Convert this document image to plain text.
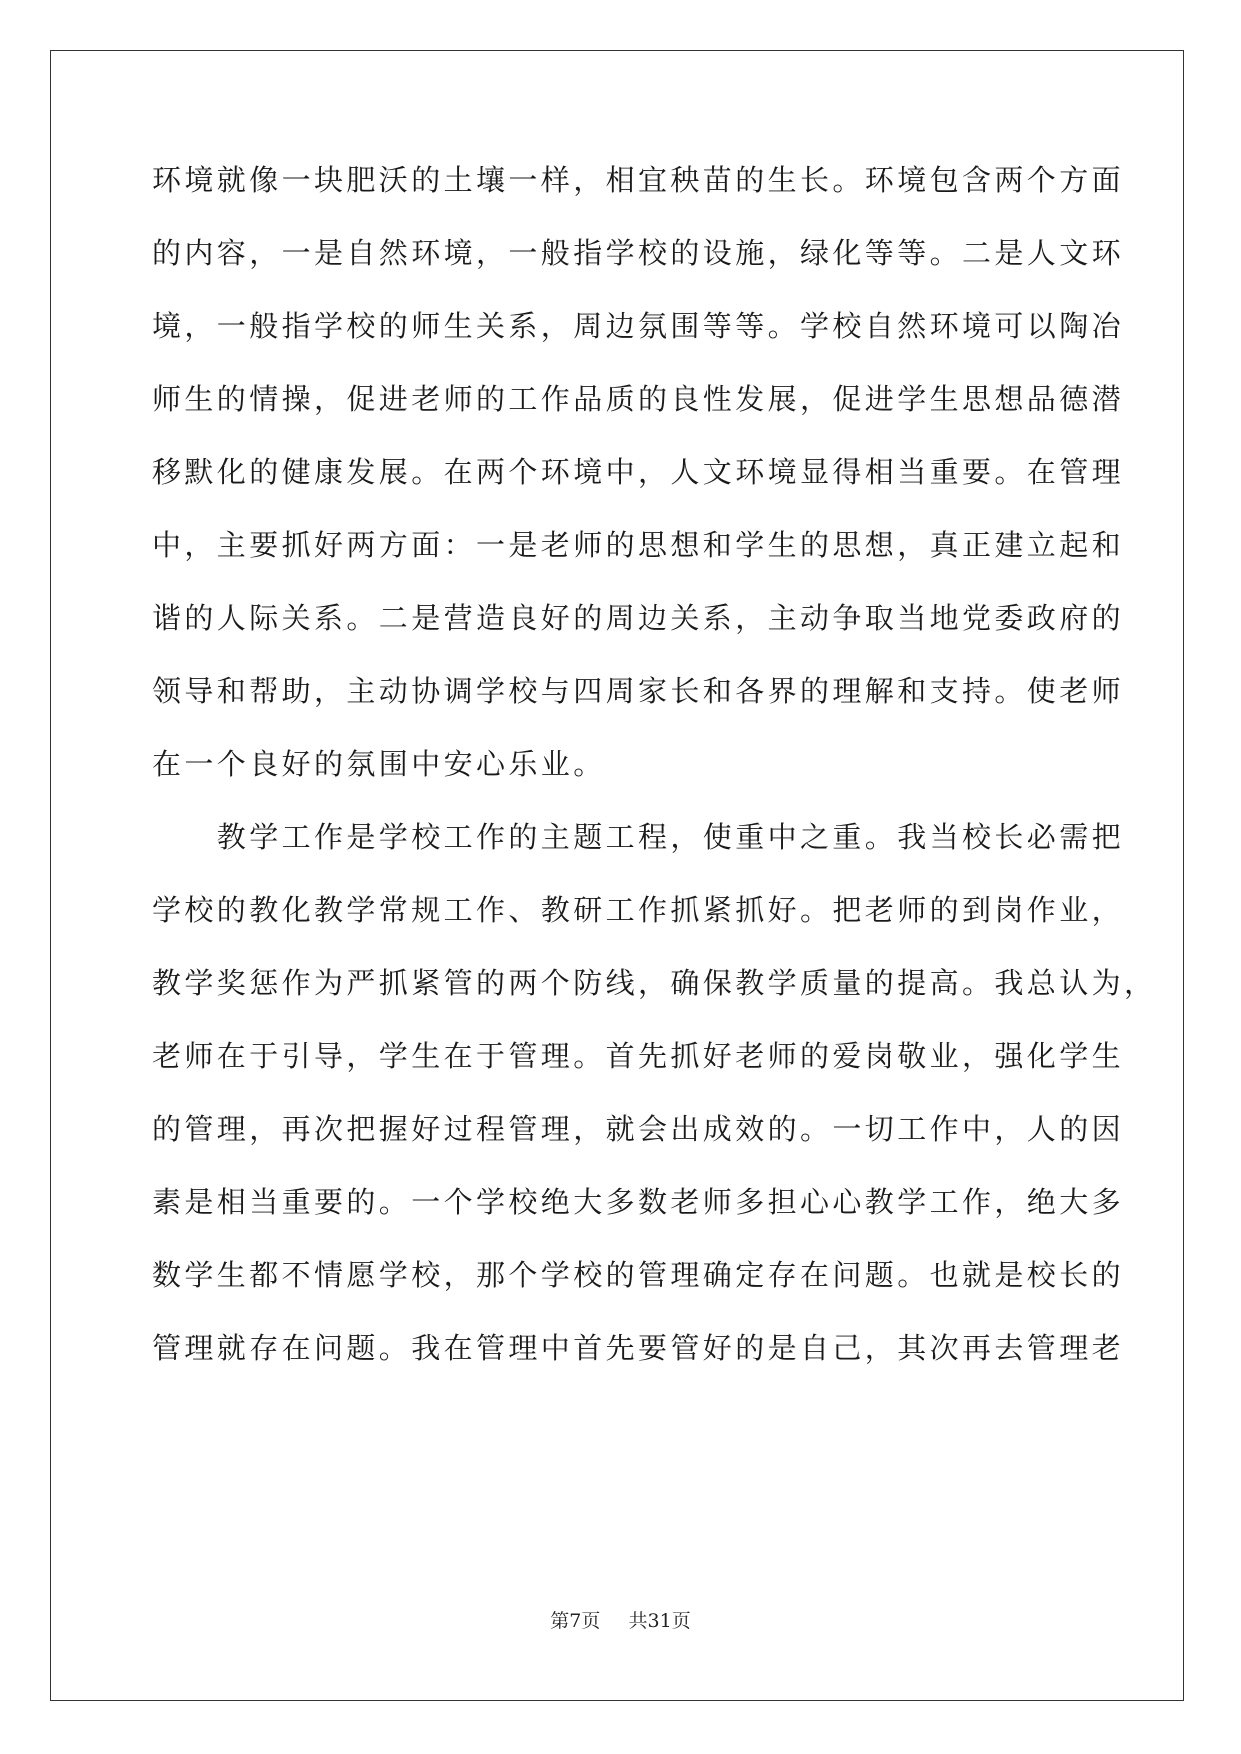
环境就像一块肥沃的土壤一样，相宜秧苗的生长。环境包含两个方面
的内容，一是自然环境，一般指学校的设施，绿化等等。二是人文环
境，一般指学校的师生关系，周边氛围等等。学校自然环境可以陶冶
师生的情操，促进老师的工作品质的良性发展，促进学生思想品德潜
移默化的健康发展。在两个环境中，人文环境显得相当重要。在管理
中，主要抓好两方面：一是老师的思想和学生的思想，真正建立起和
谐的人际关系。二是营造良好的周边关系，主动争取当地党委政府的
领导和帮助，主动协调学校与四周家长和各界的理解和支持。使老师
在一个良好的氛围中安心乐业。
　　教学工作是学校工作的主题工程，使重中之重。我当校长必需把
学校的教化教学常规工作、教研工作抓紧抓好。把老师的到岗作业，
教学奖惩作为严抓紧管的两个防线，确保教学质量的提高。我总认为，
老师在于引导，学生在于管理。首先抓好老师的爱岗敬业，强化学生
的管理，再次把握好过程管理，就会出成效的。一切工作中，人的因
素是相当重要的。一个学校绝大多数老师多担心心教学工作，绝大多
数学生都不情愿学校，那个学校的管理确定存在问题。也就是校长的
管理就存在问题。我在管理中首先要管好的是自己，其次再去管理老
第7页 共31页
